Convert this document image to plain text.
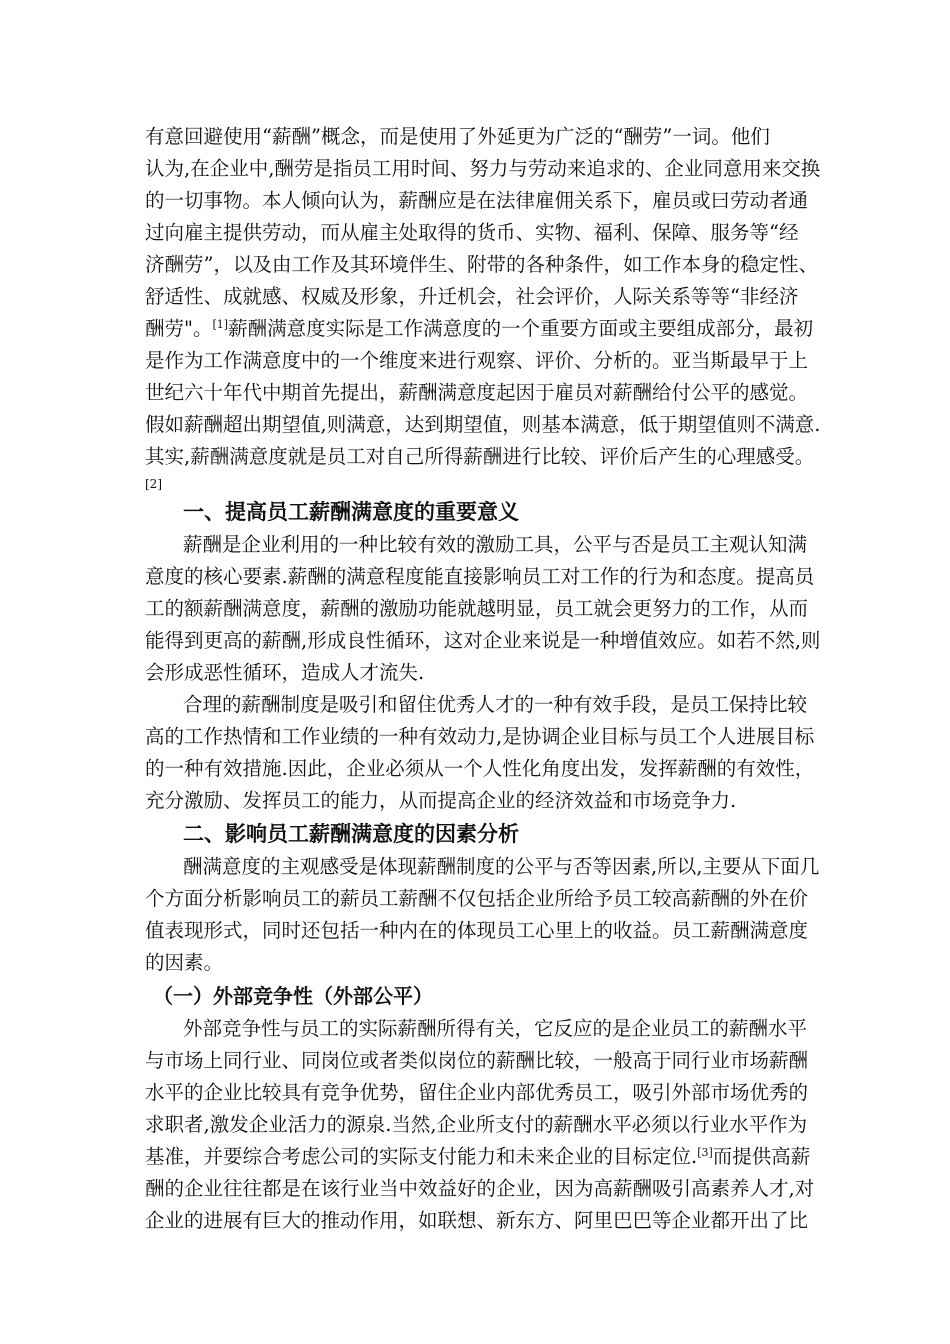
有意回避使用“薪酬”概念，而是使用了外延更为广泛的“酬劳”一词。他们
认为,在企业中,酬劳是指员工用时间、努力与劳动来追求的、企业同意用来交换
的一切事物。本人倾向认为，薪酬应是在法律雇佣关系下，雇员或曰劳动者通
过向雇主提供劳动，而从雇主处取得的货币、实物、福利、保障、服务等“经
济酬劳”，以及由工作及其环境伴生、附带的各种条件，如工作本身的稳定性、
舒适性、成就感、权威及形象，升迁机会，社会评价，人际关系等等“非经济
酬劳"。[1]薪酬满意度实际是工作满意度的一个重要方面或主要组成部分，最初
是作为工作满意度中的一个维度来进行观察、评价、分析的。亚当斯最早于上
世纪六十年代中期首先提出，薪酬满意度起因于雇员对薪酬给付公平的感觉。
假如薪酬超出期望值,则满意，达到期望值，则基本满意，低于期望值则不满意.
其实,薪酬满意度就是员工对自己所得薪酬进行比较、评价后产生的心理感受。
[2]
一、提高员工薪酬满意度的重要意义
薪酬是企业利用的一种比较有效的激励工具，公平与否是员工主观认知满
意度的核心要素.薪酬的满意程度能直接影响员工对工作的行为和态度。提高员
工的额薪酬满意度，薪酬的激励功能就越明显，员工就会更努力的工作，从而
能得到更高的薪酬,形成良性循环，这对企业来说是一种增值效应。如若不然,则
会形成恶性循环，造成人才流失.
合理的薪酬制度是吸引和留住优秀人才的一种有效手段，是员工保持比较
高的工作热情和工作业绩的一种有效动力,是协调企业目标与员工个人进展目标
的一种有效措施.因此，企业必须从一个人性化角度出发，发挥薪酬的有效性，
充分激励、发挥员工的能力，从而提高企业的经济效益和市场竞争力.
二、影响员工薪酬满意度的因素分析
酬满意度的主观感受是体现薪酬制度的公平与否等因素,所以,主要从下面几
个方面分析影响员工的薪员工薪酬不仅包括企业所给予员工较高薪酬的外在价
值表现形式，同时还包括一种内在的体现员工心里上的收益。员工薪酬满意度
的因素。
（一）外部竞争性（外部公平）
外部竞争性与员工的实际薪酬所得有关，它反应的是企业员工的薪酬水平
与市场上同行业、同岗位或者类似岗位的薪酬比较，一般高于同行业市场薪酬
水平的企业比较具有竞争优势，留住企业内部优秀员工，吸引外部市场优秀的
求职者,激发企业活力的源泉.当然,企业所支付的薪酬水平必须以行业水平作为
基准，并要综合考虑公司的实际支付能力和未来企业的目标定位.[3]而提供高薪
酬的企业往往都是在该行业当中效益好的企业，因为高薪酬吸引高素养人才,对
企业的进展有巨大的推动作用，如联想、新东方、阿里巴巴等企业都开出了比
